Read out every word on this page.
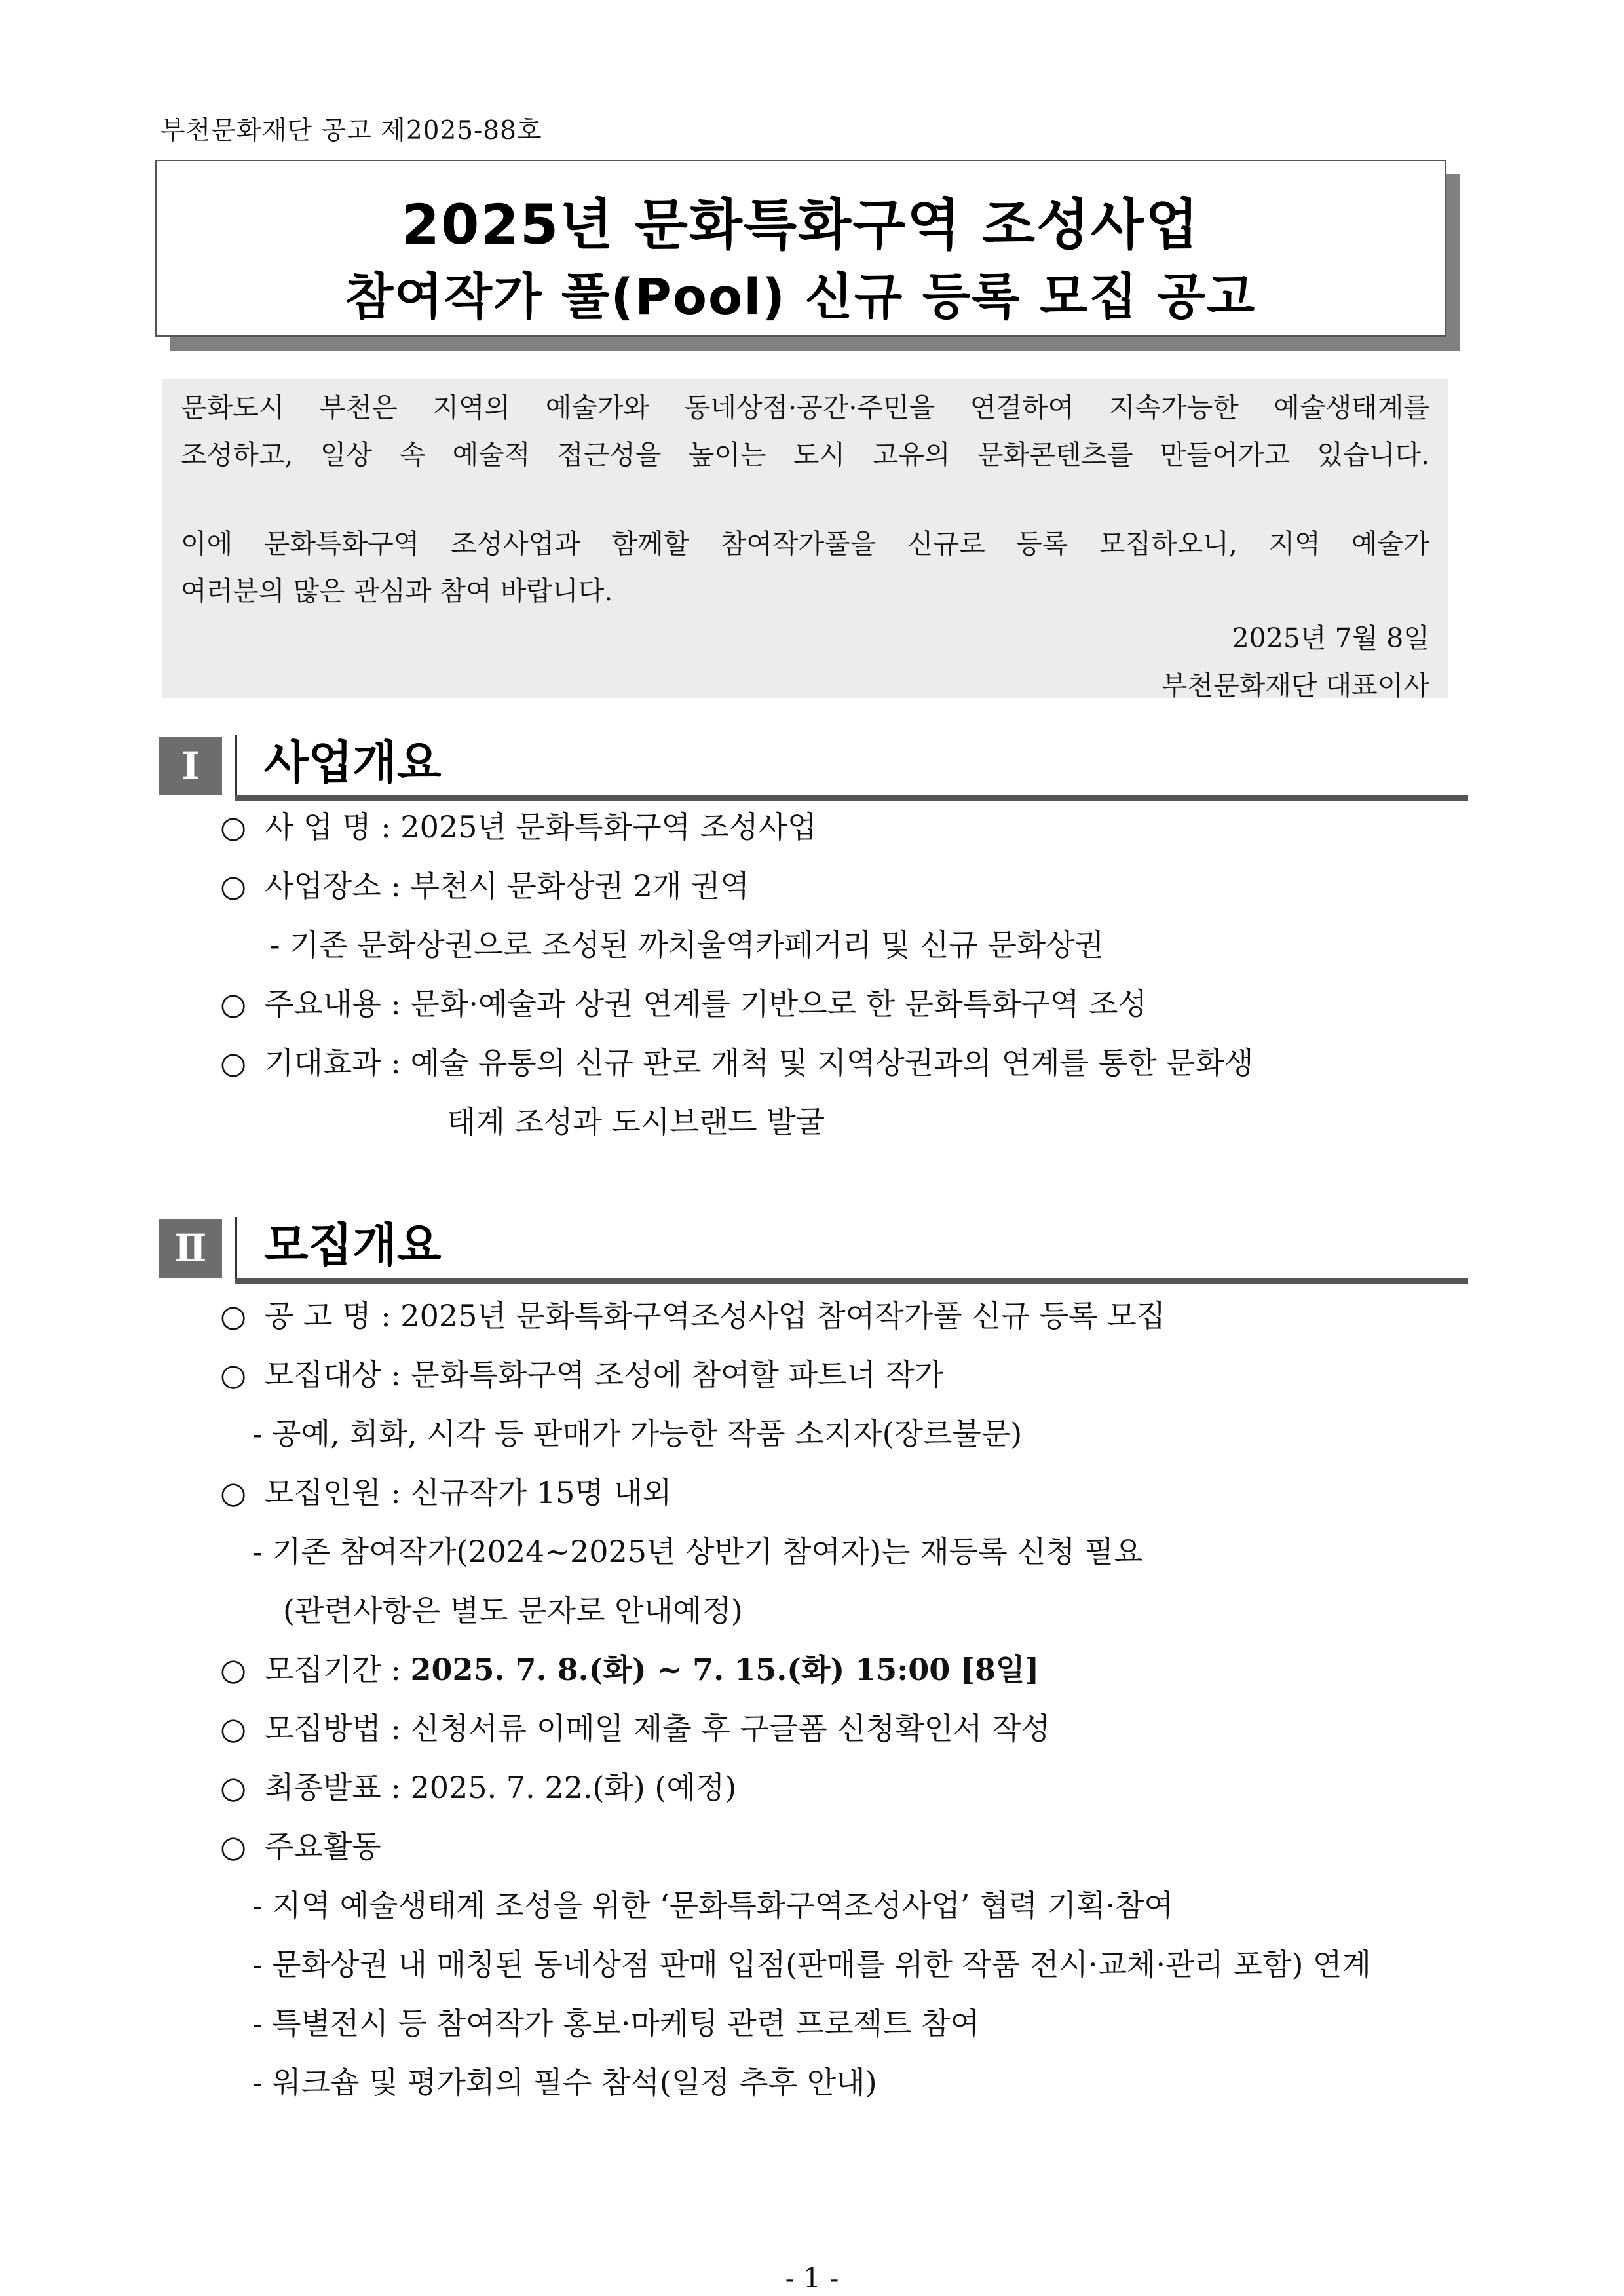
부천문화재단 공고 제2025-88호
2025년 문화특화구역 조성사업
참여작가 풀(Pool) 신규 등록 모집 공고

문화도시 부천은 지역의 예술가와 동네상점·공간·주민을 연결하여 지속가능한 예술생태계를

조성하고, 일상 속 예술적 접근성을 높이는 도시 고유의 문화콘텐츠를 만들어가고 있습니다.

이에 문화특화구역 조성사업과 함께할 참여작가풀을 신규로 등록 모집하오니, 지역 예술가

여러분의 많은 관심과 참여 바랍니다.

2025년 7월 8일

부천문화재단 대표이사

Ⅰ	사업개요
○ 사 업 명 : 2025년 문화특화구역 조성사업
○ 사업장소 : 부천시 문화상권 2개 권역
- 기존 문화상권으로 조성된 까치울역카페거리 및 신규 문화상권
○ 주요내용 : 문화·예술과 상권 연계를 기반으로 한 문화특화구역 조성
○ 기대효과 : 예술 유통의 신규 판로 개척 및 지역상권과의 연계를 통한 문화생
태계 조성과 도시브랜드 발굴
Ⅱ	모집개요
○ 공 고 명 : 2025년 문화특화구역조성사업 참여작가풀 신규 등록 모집
○ 모집대상 : 문화특화구역 조성에 참여할 파트너 작가
- 공예, 회화, 시각 등 판매가 가능한 작품 소지자(장르불문)
○ 모집인원 : 신규작가 15명 내외
- 기존 참여작가(2024~2025년 상반기 참여자)는 재등록 신청 필요
(관련사항은 별도 문자로 안내예정)
○ 모집기간 : 2025. 7. 8.(화) ~ 7. 15.(화) 15:00 [8일]
○ 모집방법 : 신청서류 이메일 제출 후 구글폼 신청확인서 작성
○ 최종발표 : 2025. 7. 22.(화) (예정)
○ 주요활동
- 지역 예술생태계 조성을 위한 ‘문화특화구역조성사업’ 협력 기획·참여
- 문화상권 내 매칭된 동네상점 판매 입점(판매를 위한 작품 전시·교체·관리 포함) 연계
- 특별전시 등 참여작가 홍보·마케팅 관련 프로젝트 참여
- 워크숍 및 평가회의 필수 참석(일정 추후 안내)
- 1 -
